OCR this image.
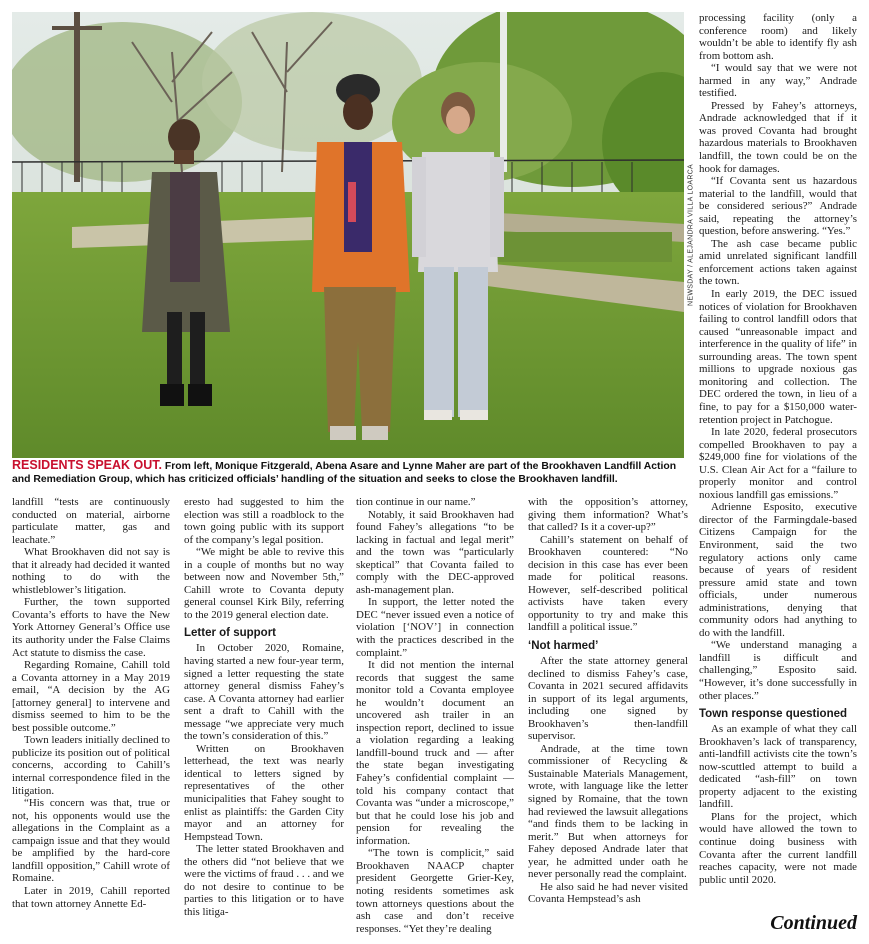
NEWSDAY / ALEJANDRA VILLA LOARCA
RESIDENTS SPEAK OUT. From left, Monique Fitzgerald, Abena Asare and Lynne Maher are part of the Brookhaven Landfill Action and Remediation Group, which has criticized officials’ handling of the situation and seeks to close the Brookhaven landfill.

landfill “tests are continuously conducted on material, airborne particulate matter, gas and leachate.”

What Brookhaven did not say is that it already had decided it wanted nothing to do with the whistleblower’s litigation.

Further, the town supported Covanta’s efforts to have the New York Attorney General’s Office use its authority under the False Claims Act statute to dismiss the case.

Regarding Romaine, Cahill told a Covanta attorney in a May 2019 email, “A decision by the AG [attorney general] to intervene and dismiss seemed to him to be the best possible outcome.”

Town leaders initially declined to publicize its position out of political concerns, according to Cahill’s internal correspondence filed in the litigation.

“His concern was that, true or not, his opponents would use the allegations in the Complaint as a campaign issue and that they would be amplified by the hard-core landfill opposition,” Cahill wrote of Romaine.

Later in 2019, Cahill reported that town attorney Annette Ed-

eresto had suggested to him the election was still a roadblock to the town going public with its support of the company’s legal position.

“We might be able to revive this in a couple of months but no way between now and November 5th,” Cahill wrote to Covanta deputy general counsel Kirk Bily, referring to the 2019 general election date.

Letter of support

In October 2020, Romaine, having started a new four-year term, signed a letter requesting the state attorney general dismiss Fahey’s case. A Covanta attorney had earlier sent a draft to Cahill with the message “we appreciate very much the town’s consideration of this.”

Written on Brookhaven letterhead, the text was nearly identical to letters signed by representatives of the other municipalities that Fahey sought to enlist as plaintiffs: the Garden City mayor and an attorney for Hempstead Town.

The letter stated Brookhaven and the others did “not believe that we were the victims of fraud . . . and we do not desire to continue to be parties to this litigation or to have this litiga-

tion continue in our name.”

Notably, it said Brookhaven had found Fahey’s allegations “to be lacking in factual and legal merit” and the town was “particularly skeptical” that Covanta failed to comply with the DEC-approved ash-management plan.

In support, the letter noted the DEC “never issued even a notice of violation [‘NOV’] in connection with the practices described in the complaint.”

It did not mention the internal records that suggest the same monitor told a Covanta employee he wouldn’t document an uncovered ash trailer in an inspection report, declined to issue a violation regarding a leaking landfill-bound truck and — after the state began investigating Fahey’s confidential complaint — told his company contact that Covanta was “under a microscope,” but that he could lose his job and pension for revealing the information.

“The town is complicit,” said Brookhaven NAACP chapter president Georgette Grier-Key, noting residents sometimes ask town attorneys questions about the ash case and don’t receive responses. “Yet they’re dealing

with the opposition’s attorney, giving them information? What’s that called? Is it a cover-up?”

Cahill’s statement on behalf of Brookhaven countered: “No decision in this case has ever been made for political reasons. However, self-described political activists have taken every opportunity to try and make this landfill a political issue.”

‘Not harmed’

After the state attorney general declined to dismiss Fahey’s case, Covanta in 2021 secured affidavits in support of its legal arguments, including one signed by Brookhaven’s then-landfill supervisor.

Andrade, at the time town commissioner of Recycling & Sustainable Materials Management, wrote, with language like the letter signed by Romaine, that the town had reviewed the lawsuit allegations “and finds them to be lacking in merit.” But when attorneys for Fahey deposed Andrade later that year, he admitted under oath he never personally read the complaint.

He also said he had never visited Covanta Hempstead’s ash

processing facility (only a conference room) and likely wouldn’t be able to identify fly ash from bottom ash.

“I would say that we were not harmed in any way,” Andrade testified.

Pressed by Fahey’s attorneys, Andrade acknowledged that if it was proved Covanta had brought hazardous materials to Brookhaven landfill, the town could be on the hook for damages.

“If Covanta sent us hazardous material to the landfill, would that be considered serious?” Andrade said, repeating the attorney’s question, before answering. “Yes.”

The ash case became public amid unrelated significant landfill enforcement actions taken against the town.

In early 2019, the DEC issued notices of violation for Brookhaven failing to control landfill odors that caused “unreasonable impact and interference in the quality of life” in surrounding areas. The town spent millions to upgrade noxious gas monitoring and collection. The DEC ordered the town, in lieu of a fine, to pay for a $150,000 water-retention project in Patchogue.

In late 2020, federal prosecutors compelled Brookhaven to pay a $249,000 fine for violations of the U.S. Clean Air Act for a “failure to properly monitor and control noxious landfill gas emissions.”

Adrienne Esposito, executive director of the Farmingdale-based Citizens Campaign for the Environment, said the two regulatory actions only came because of years of resident pressure amid state and town officials, under numerous administrations, denying that community odors had anything to do with the landfill.

“We understand managing a landfill is difficult and challenging,” Esposito said. “However, it’s done successfully in other places.”

Town response questioned

As an example of what they call Brookhaven’s lack of transparency, anti-landfill activists cite the town’s now-scuttled attempt to build a dedicated “ash-fill” on town property adjacent to the existing landfill.

Plans for the project, which would have allowed the town to continue doing business with Covanta after the current landfill reaches capacity, were not made public until 2020.

Continued
